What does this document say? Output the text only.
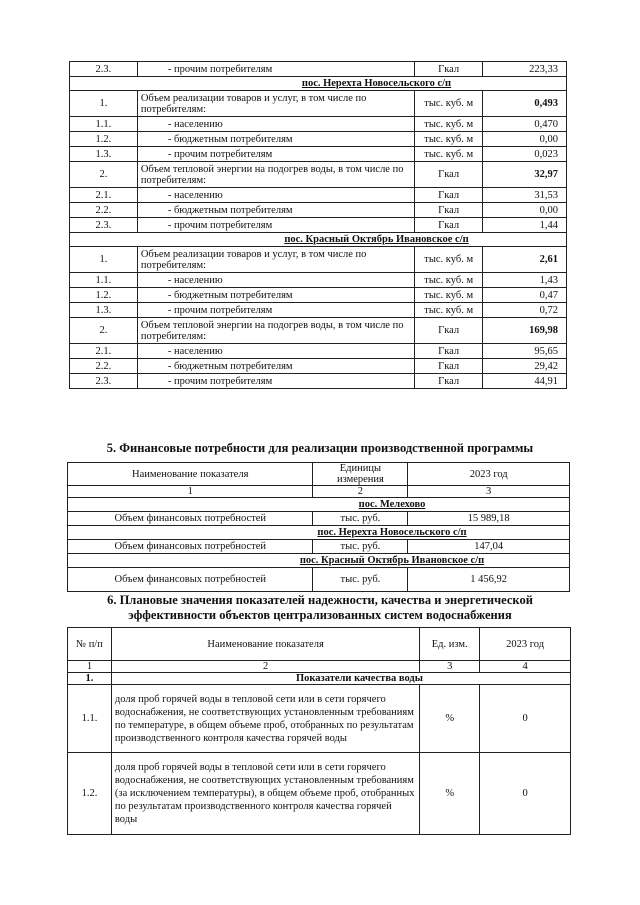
2.3.	- прочим потребителям	Гкал	223,33
пос. Нерехта Новосельского с/п			
1.	Объем реализации товаров и услуг, в том числе по потребителям:	тыс. куб. м	0,493
1.1.	- населению	тыс. куб. м	0,470
1.2.	- бюджетным потребителям	тыс. куб. м	0,00
1.3.	- прочим потребителям	тыс. куб. м	0,023
2.	Объем тепловой энергии на подогрев воды, в том числе по потребителям:	Гкал	32,97
2.1.	- населению	Гкал	31,53
2.2.	- бюджетным потребителям	Гкал	0,00
2.3.	- прочим потребителям	Гкал	1,44
пос. Красный Октябрь Ивановское с/п			
1.	Объем реализации товаров и услуг, в том числе по потребителям:	тыс. куб. м	2,61
1.1.	- населению	тыс. куб. м	1,43
1.2.	- бюджетным потребителям	тыс. куб. м	0,47
1.3.	- прочим потребителям	тыс. куб. м	0,72
2.	Объем тепловой энергии на подогрев воды, в том числе по потребителям:	Гкал	169,98
2.1.	- населению	Гкал	95,65
2.2.	- бюджетным потребителям	Гкал	29,42
2.3.	- прочим потребителям	Гкал	44,91
5. Финансовые потребности для реализации производственной программы
Наименование показателя	Единицы измерения	2023 год
1	2	3
пос. Мелехово		
Объем финансовых потребностей	тыс. руб.	15 989,18
пос. Нерехта Новосельского с/п		
Объем финансовых потребностей	тыс. руб.	147,04
пос. Красный Октябрь Ивановское с/п		
Объем финансовых потребностей	тыс. руб.	1 456,92
6. Плановые значения показателей надежности, качества и энергетической
эффективности объектов централизованных систем водоснабжения
№ п/п	Наименование показателя	Ед. изм.	2023 год
1	2	3	4
1.	Показатели качества воды		
1.1.	доля проб горячей воды в тепловой сети или в сети горячего водоснабжения, не соответствующих установленным требованиям по температуре, в общем объеме проб, отобранных по результатам производственного контроля качества горячей воды	%	0
1.2.	доля проб горячей воды в тепловой сети или в сети горячего водоснабжения, не соответствующих установленным требованиям (за исключением температуры), в общем объеме проб, отобранных по результатам производственного контроля качества горячей воды	%	0
